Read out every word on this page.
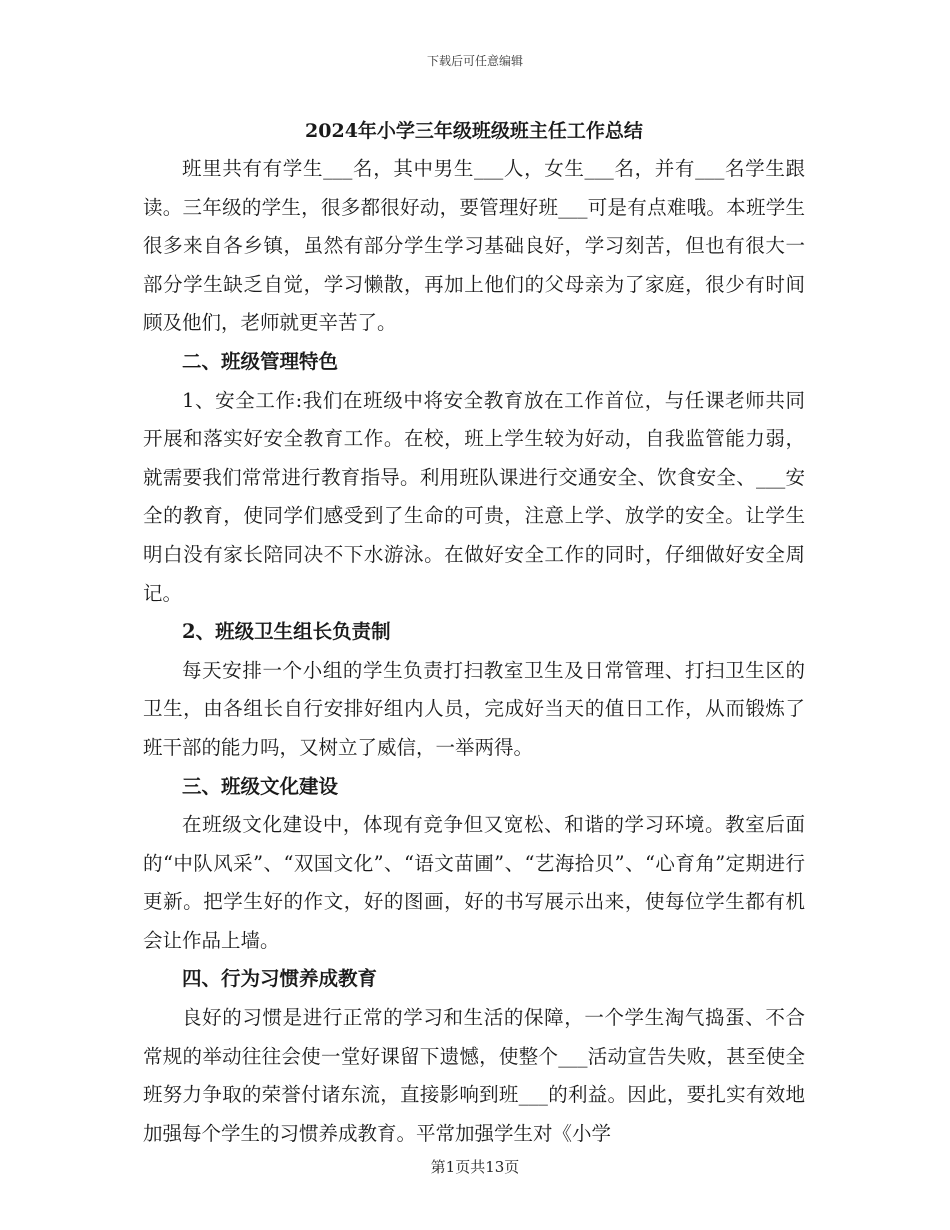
下载后可任意编辑
2024年小学三年级班级班主任工作总结

班里共有有学生___名，其中男生___人，女生___名，并有___名学生跟读。三年级的学生，很多都很好动，要管理好班___可是有点难哦。本班学生很多来自各乡镇，虽然有部分学生学习基础良好，学习刻苦，但也有很大一部分学生缺乏自觉，学习懒散，再加上他们的父母亲为了家庭，很少有时间顾及他们，老师就更辛苦了。

二、班级管理特色

1、安全工作:我们在班级中将安全教育放在工作首位，与任课老师共同开展和落实好安全教育工作。在校，班上学生较为好动，自我监管能力弱，就需要我们常常进行教育指导。利用班队课进行交通安全、饮食安全、___安全的教育，使同学们感受到了生命的可贵，注意上学、放学的安全。让学生明白没有家长陪同决不下水游泳。在做好安全工作的同时，仔细做好安全周记。

2、班级卫生组长负责制

每天安排一个小组的学生负责打扫教室卫生及日常管理、打扫卫生区的卫生，由各组长自行安排好组内人员，完成好当天的值日工作，从而锻炼了班干部的能力吗，又树立了威信，一举两得。

三、班级文化建设

在班级文化建设中，体现有竞争但又宽松、和谐的学习环境。教室后面的“中队风采”、“双国文化”、“语文苗圃”、“艺海拾贝”、“心育角”定期进行更新。把学生好的作文，好的图画，好的书写展示出来，使每位学生都有机会让作品上墙。

四、行为习惯养成教育

良好的习惯是进行正常的学习和生活的保障，一个学生淘气捣蛋、不合常规的举动往往会使一堂好课留下遗憾，使整个___活动宣告失败，甚至使全班努力争取的荣誉付诸东流，直接影响到班___的利益。因此，要扎实有效地加强每个学生的习惯养成教育。平常加强学生对《小学

第1页共13页
